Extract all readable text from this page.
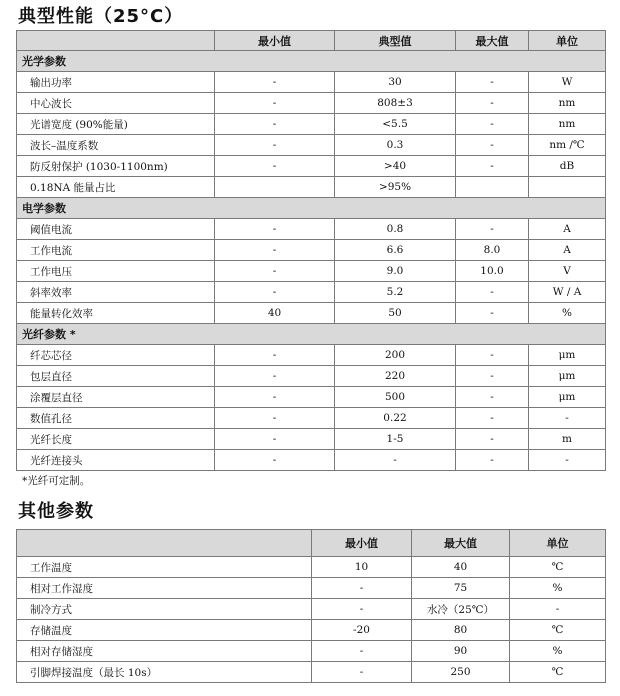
典型性能（25°C）
	最小值	典型值	最大值	单位
光学参数				
输出功率	-	30	-	W
中心波长	-	808±3	-	nm
光谱宽度 (90%能量)	-	<5.5	-	nm
波长–温度系数	-	0.3	-	nm /℃
防反射保护 (1030-1100nm)	-	>40	-	dB
0.18NA 能量占比		>95%		
电学参数				
阈值电流	-	0.8	-	A
工作电流	-	6.6	8.0	A
工作电压	-	9.0	10.0	V
斜率效率	-	5.2	-	W / A
能量转化效率	40	50	-	%
光纤参数 *				
纤芯芯径	-	200	-	μm
包层直径	-	220	-	μm
涂覆层直径	-	500	-	μm
数值孔径	-	0.22	-	-
光纤长度	-	1-5	-	m
光纤连接头	-	-	-	-
*光纤可定制。
其他参数
	最小值	最大值	单位
工作温度	10	40	℃
相对工作湿度	-	75	%
制冷方式	-	水冷（25℃）	-
存储温度	-20	80	℃
相对存储湿度	-	90	%
引脚焊接温度（最长 10s）	-	250	℃
